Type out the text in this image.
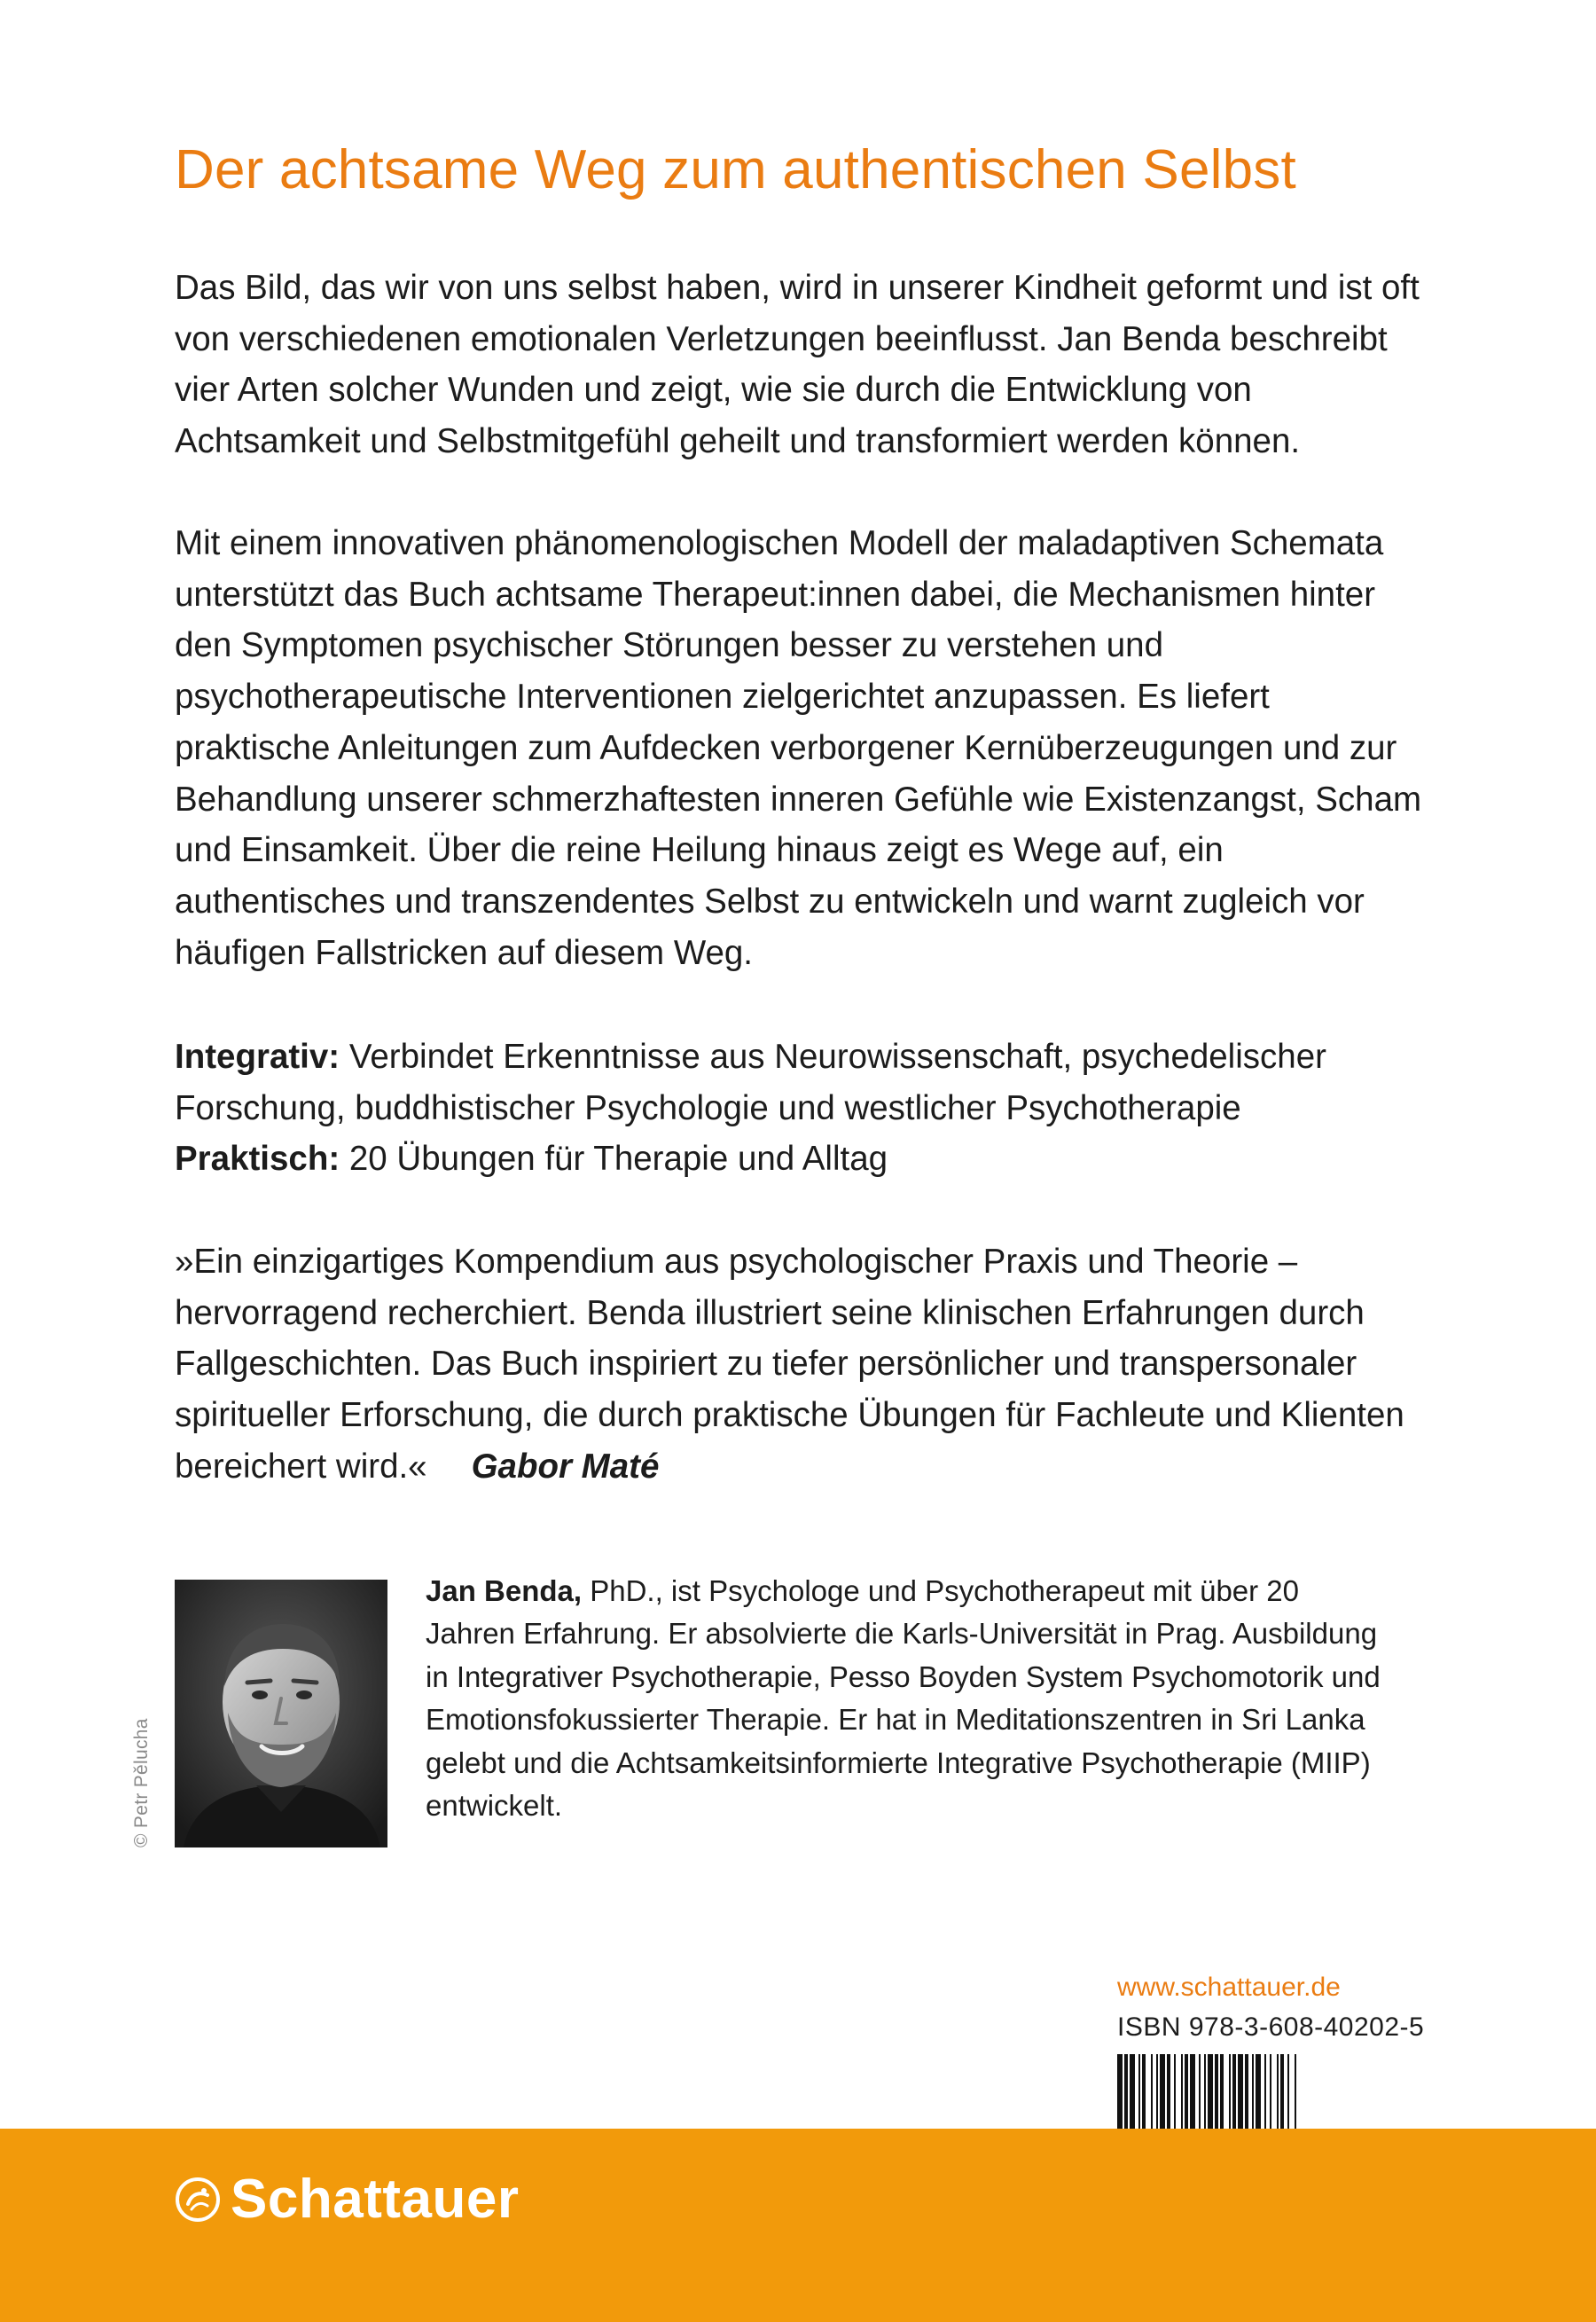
Der achtsame Weg zum authentischen Selbst

Das Bild, das wir von uns selbst haben, wird in unserer Kindheit geformt und ist oft von verschiedenen emotionalen Verletzungen beeinflusst. Jan Benda beschreibt vier Arten solcher Wunden und zeigt, wie sie durch die Entwicklung von Achtsamkeit und Selbstmitgefühl geheilt und transformiert werden können.

Mit einem innovativen phänomenologischen Modell der maladaptiven Schemata unterstützt das Buch achtsame Therapeut:innen dabei, die Mechanismen hinter den Symptomen psychischer Störungen besser zu verstehen und psychotherapeutische Interventionen zielgerichtet anzupassen. Es liefert praktische Anleitungen zum Aufdecken verborgener Kernüberzeugungen und zur Behandlung unserer schmerzhaftesten inneren Gefühle wie Existenzangst, Scham und Einsamkeit. Über die reine Heilung hinaus zeigt es Wege auf, ein authentisches und transzendentes Selbst zu entwickeln und warnt zugleich vor häufigen Fallstricken auf diesem Weg.

Integrativ: Verbindet Erkenntnisse aus Neurowissenschaft, psychedelischer Forschung, buddhistischer Psychologie und westlicher Psychotherapie
Praktisch: 20 Übungen für Therapie und Alltag

»Ein einzigartiges Kompendium aus psychologischer Praxis und Theorie – hervorragend recherchiert. Benda illustriert seine klinischen Erfahrungen durch Fallgeschichten. Das Buch inspiriert zu tiefer persönlicher und transpersonaler spiritueller Erforschung, die durch praktische Übungen für Fachleute und Klienten bereichert wird.« Gabor Maté

© Petr Pělucha

Jan Benda, PhD., ist Psychologe und Psychotherapeut mit über 20 Jahren Erfahrung. Er absolvierte die Karls-Universität in Prag. Ausbildung in Integrativer Psychotherapie, Pesso Boyden System Psychomotorik und Emotionsfokussierter Therapie. Er hat in Meditationszentren in Sri Lanka gelebt und die Achtsamkeitsinformierte Integrative Psychotherapie (MIIP) entwickelt.

www.schattauer.de
ISBN 978-3-608-40202-5
Schattauer
